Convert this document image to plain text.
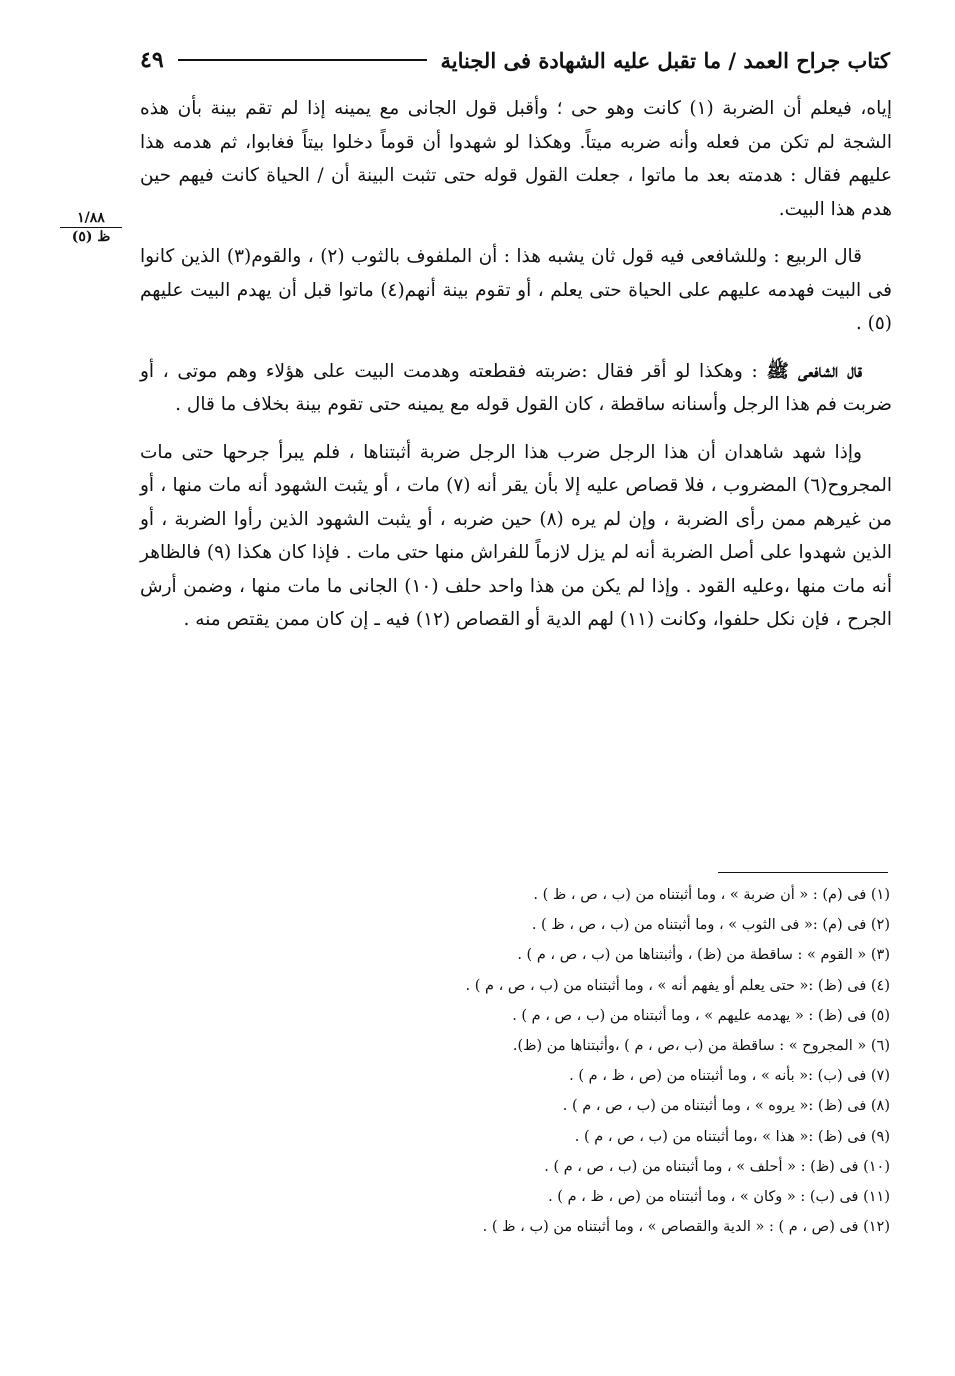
كتاب جراح العمد / ما تقبل عليه الشهادة فى الجناية
٤٩
١/٨٨
ظ (٥)

إياه، فيعلم أن الضربة (١) كانت وهو حى ؛ وأقبل قول الجانى مع يمينه إذا لم تقم بينة بأن هذه الشجة لم تكن من فعله وأنه ضربه ميتاً. وهكذا لو شهدوا أن قوماً دخلوا بيتاً فغابوا، ثم هدمه هذا عليهم فقال : هدمته بعد ما ماتوا ، جعلت القول قوله حتى تثبت البينة أن / الحياة كانت فيهم حين هدم هذا البيت.

قال الربيع : وللشافعى فيه قول ثان يشبه هذا : أن الملفوف بالثوب (٢) ، والقوم(٣) الذين كانوا فى البيت فهدمه عليهم على الحياة حتى يعلم ، أو تقوم بينة أنهم(٤) ماتوا قبل أن يهدم البيت عليهم (٥) .

قال الشافعى ﷺ : وهكذا لو أقر فقال :ضربته فقطعته وهدمت البيت على هؤلاء وهم موتى ، أو ضربت فم هذا الرجل وأسنانه ساقطة ، كان القول قوله مع يمينه حتى تقوم بينة بخلاف ما قال .

وإذا شهد شاهدان أن هذا الرجل ضرب هذا الرجل ضربة أثبتناها ، فلم يبرأ جرحها حتى مات المجروح(٦) المضروب ، فلا قصاص عليه إلا بأن يقر أنه (٧) مات ، أو يثبت الشهود أنه مات منها ، أو من غيرهم ممن رأى الضربة ، وإن لم يره (٨) حين ضربه ، أو يثبت الشهود الذين رأوا الضربة ، أو الذين شهدوا على أصل الضربة أنه لم يزل لازماً للفراش منها حتى مات . فإذا كان هكذا (٩) فالظاهر أنه مات منها ،وعليه القود . وإذا لم يكن من هذا واحد حلف (١٠) الجانى ما مات منها ، وضمن أرش الجرح ، فإن نكل حلفوا، وكانت (١١) لهم الدية أو القصاص (١٢) فيه ـ إن كان ممن يقتص منه .

(١) فى (م) : « أن ضربة » ، وما أثبتناه من (ب ، ص ، ظ ) .
(٢) فى (م) :« فى الثوب » ، وما أثبتناه من (ب ، ص ، ظ ) .
(٣) « القوم » : ساقطة من (ظ) ، وأثبتناها من (ب ، ص ، م ) .
(٤) فى (ظ) :« حتى يعلم أو يفهم أنه » ، وما أثبتناه من (ب ، ص ، م ) .
(٥) فى (ظ) : « يهدمه عليهم » ، وما أثبتناه من (ب ، ص ، م ) .
(٦) « المجروح » : ساقطة من (ب ،ص ، م ) ،وأثبتناها من (ظ).
(٧) فى (ب) :« بأنه » ، وما أثبتناه من (ص ، ظ ، م ) .
(٨) فى (ظ) :« يروه » ، وما أثبتناه من (ب ، ص ، م ) .
(٩) فى (ظ) :« هذا » ،وما أثبتناه من (ب ، ص ، م ) .
(١٠) فى (ظ) : « أحلف » ، وما أثبتناه من (ب ، ص ، م ) .
(١١) فى (ب) : « وكان » ، وما أثبتناه من (ص ، ظ ، م ) .
(١٢) فى (ص ، م ) : « الدية والقصاص » ، وما أثبتناه من (ب ، ظ ) .
